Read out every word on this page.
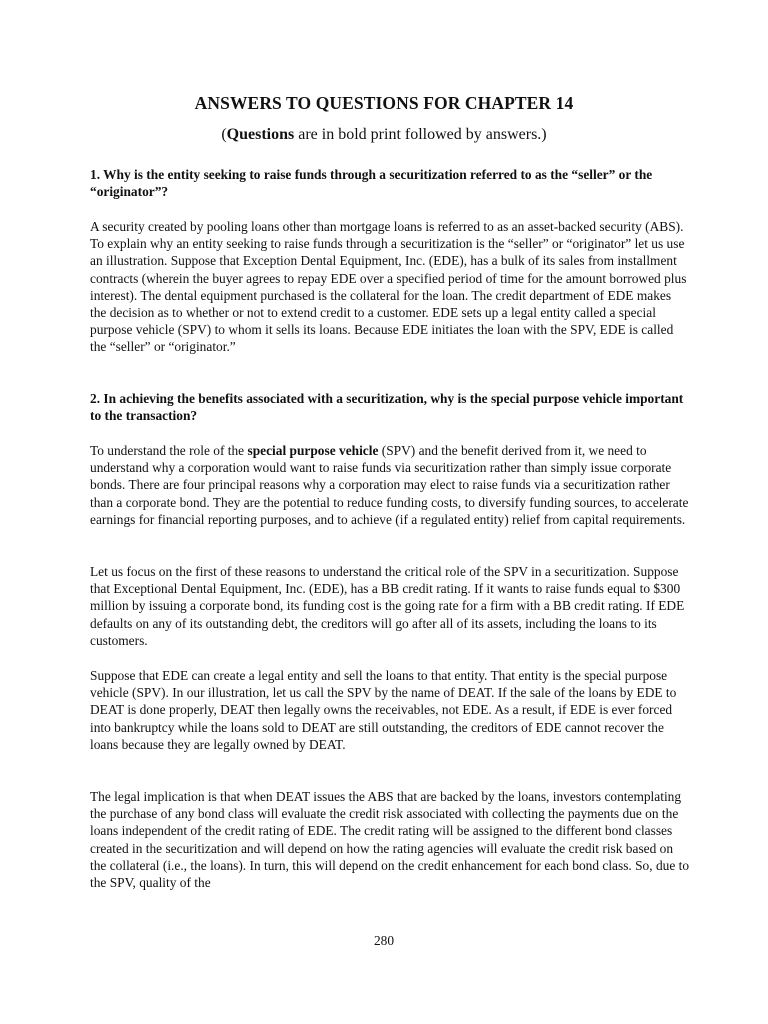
ANSWERS TO QUESTIONS FOR CHAPTER 14

(Questions are in bold print followed by answers.)

1. Why is the entity seeking to raise funds through a securitization referred to as the “seller” or the “originator”?

A security created by pooling loans other than mortgage loans is referred to as an asset-backed security (ABS). To explain why an entity seeking to raise funds through a securitization is the “seller” or “originator” let us use an illustration. Suppose that Exception Dental Equipment, Inc. (EDE), has a bulk of its sales from installment contracts (wherein the buyer agrees to repay EDE over a specified period of time for the amount borrowed plus interest). The dental equipment purchased is the collateral for the loan. The credit department of EDE makes the decision as to whether or not to extend credit to a customer. EDE sets up a legal entity called a special purpose vehicle (SPV) to whom it sells its loans. Because EDE initiates the loan with the SPV, EDE is called the “seller” or “originator.”

2. In achieving the benefits associated with a securitization, why is the special purpose vehicle important to the transaction?

To understand the role of the special purpose vehicle (SPV) and the benefit derived from it, we need to understand why a corporation would want to raise funds via securitization rather than simply issue corporate bonds. There are four principal reasons why a corporation may elect to raise funds via a securitization rather than a corporate bond. They are the potential to reduce funding costs, to diversify funding sources, to accelerate earnings for financial reporting purposes, and to achieve (if a regulated entity) relief from capital requirements.

Let us focus on the first of these reasons to understand the critical role of the SPV in a securitization. Suppose that Exceptional Dental Equipment, Inc. (EDE), has a BB credit rating. If it wants to raise funds equal to $300 million by issuing a corporate bond, its funding cost is the going rate for a firm with a BB credit rating. If EDE defaults on any of its outstanding debt, the creditors will go after all of its assets, including the loans to its customers.

Suppose that EDE can create a legal entity and sell the loans to that entity. That entity is the special purpose vehicle (SPV). In our illustration, let us call the SPV by the name of DEAT. If the sale of the loans by EDE to DEAT is done properly, DEAT then legally owns the receivables, not EDE. As a result, if EDE is ever forced into bankruptcy while the loans sold to DEAT are still outstanding, the creditors of EDE cannot recover the loans because they are legally owned by DEAT.

The legal implication is that when DEAT issues the ABS that are backed by the loans, investors contemplating the purchase of any bond class will evaluate the credit risk associated with collecting the payments due on the loans independent of the credit rating of EDE. The credit rating will be assigned to the different bond classes created in the securitization and will depend on how the rating agencies will evaluate the credit risk based on the collateral (i.e., the loans). In turn, this will depend on the credit enhancement for each bond class. So, due to the SPV, quality of the

280
